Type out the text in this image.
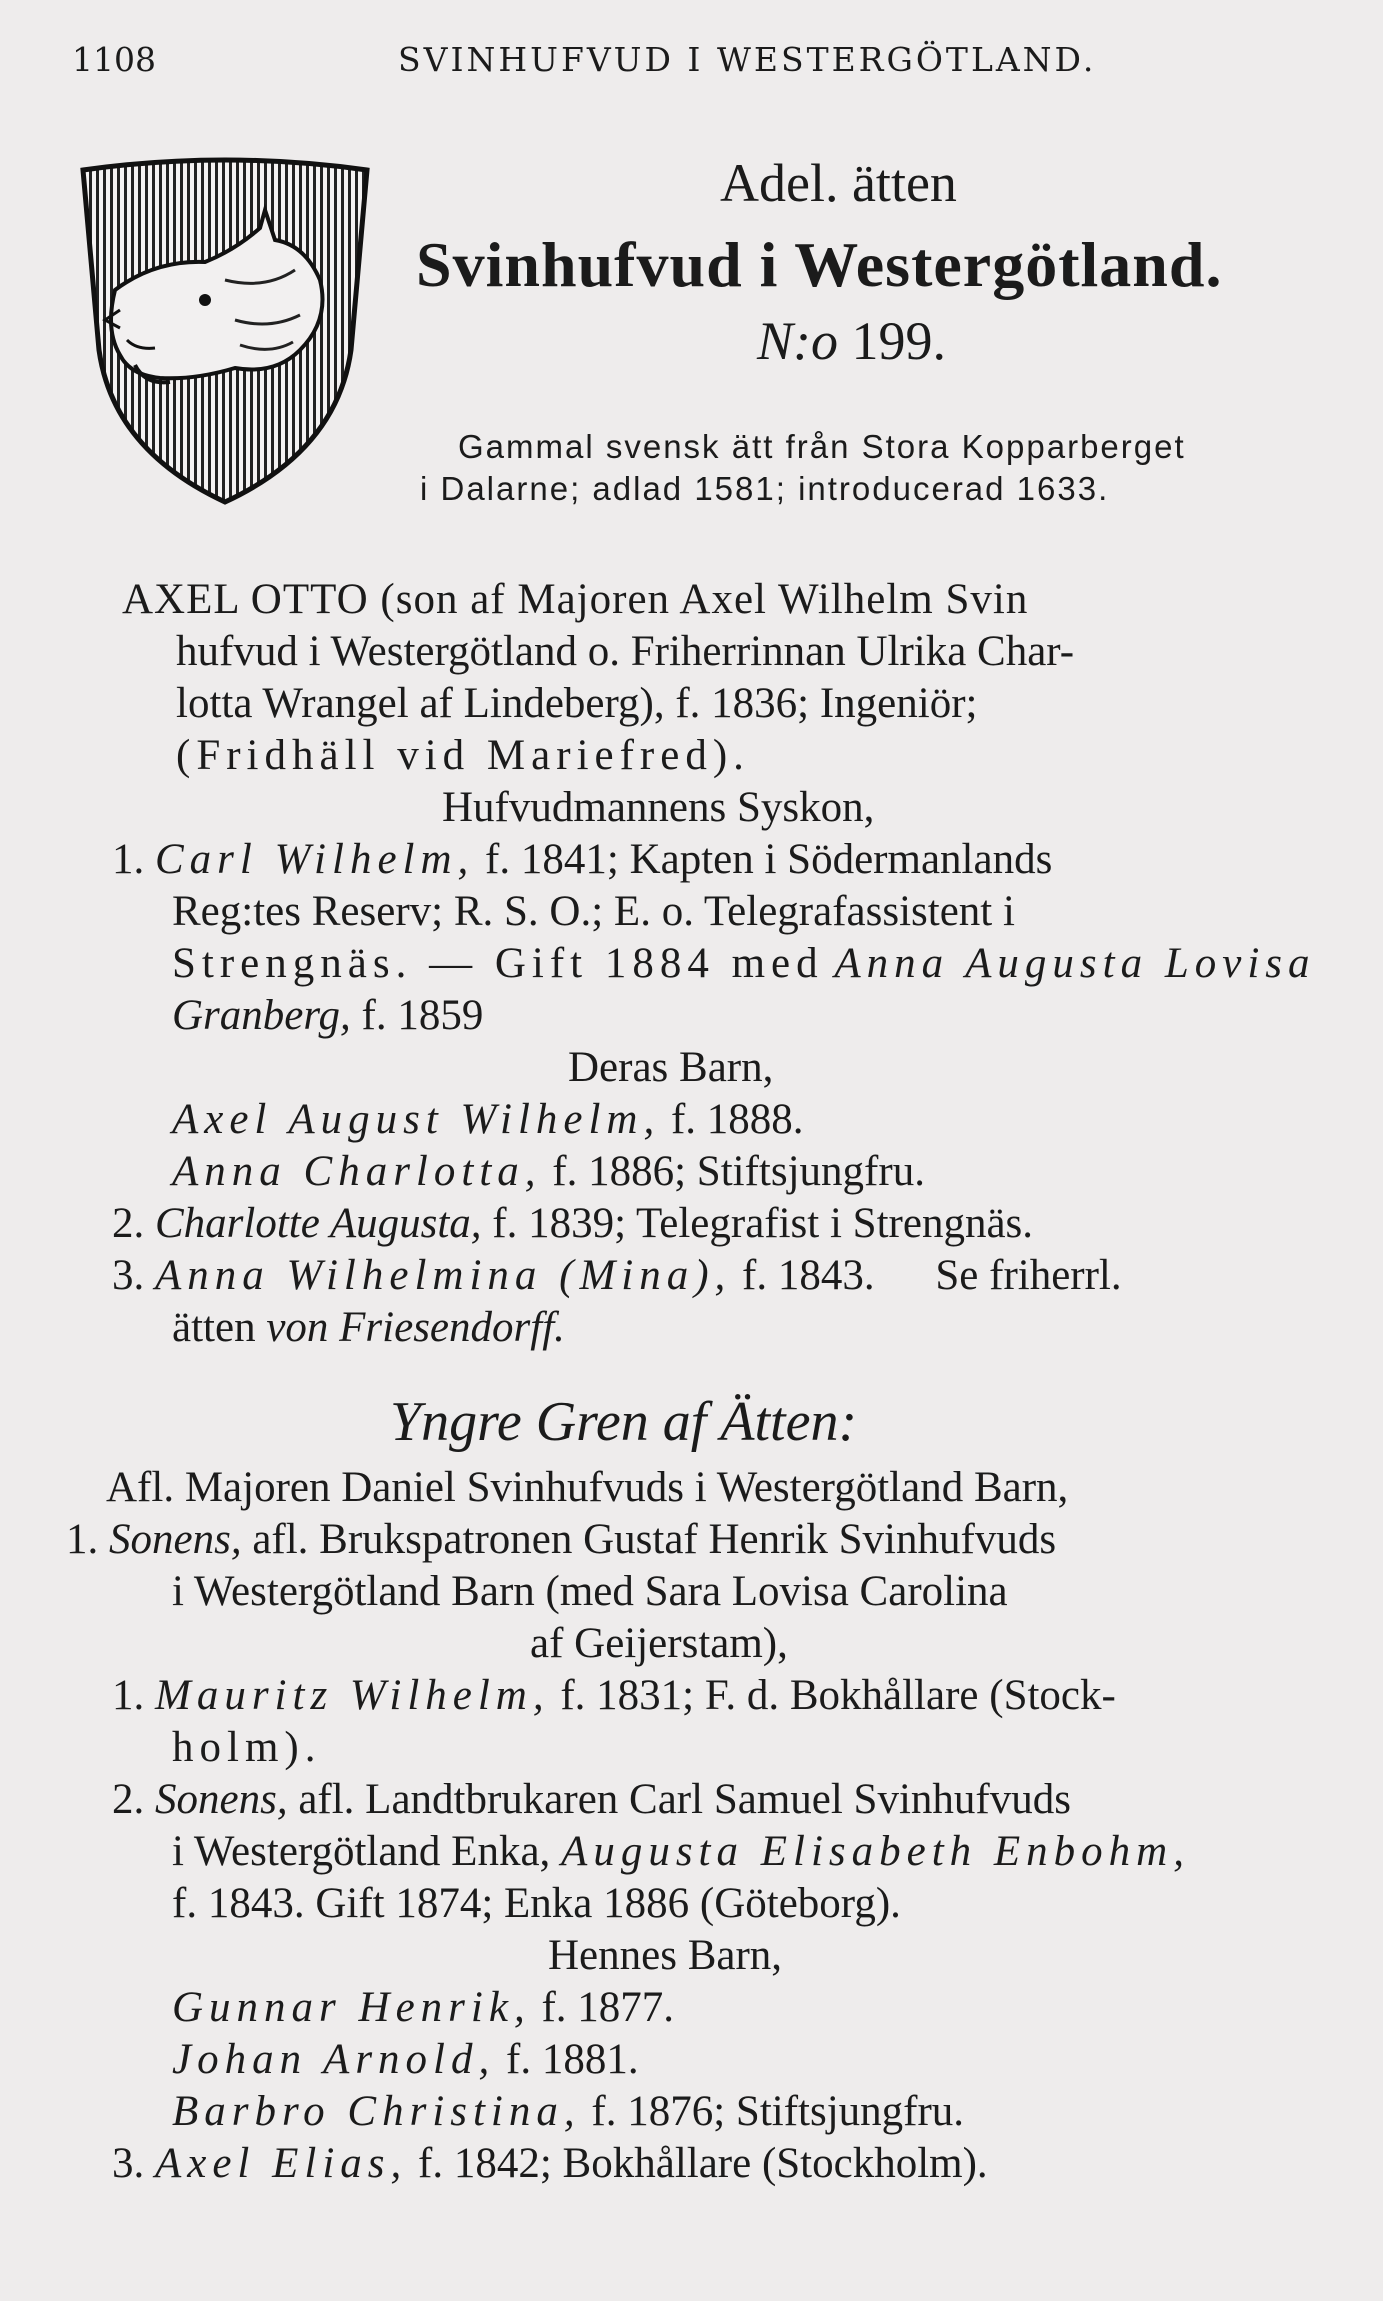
1108	SVINHUFVUD I WESTERGÖTLAND.
Adel. ätten
Svinhufvud i Westergötland.
N:o 199.
Gammal svensk ätt från Stora Kopparberget
i Dalarne; adlad 1581; introducerad 1633.
AXEL OTTO (son af Majoren Axel Wilhelm Svin
hufvud i Westergötland o. Friherrinnan Ulrika Char-
lotta Wrangel af Lindeberg), f. 1836; Ingeniör;
(Fridhäll vid Mariefred).
Hufvudmannens Syskon,
1. Carl Wilhelm, f. 1841; Kapten i Södermanlands
Reg:tes Reserv; R. S. O.; E. o. Telegrafassistent i
Strengnäs. — Gift 1884 med Anna Augusta Lovisa
Granberg, f. 1859
Deras Barn,
Axel August Wilhelm, f. 1888.
Anna Charlotta, f. 1886; Stiftsjungfru.
2. Charlotte Augusta, f. 1839; Telegrafist i Strengnäs.
3. Anna Wilhelmina (Mina), f. 1843. Se friherrl.
ätten von Friesendorff.
Yngre Gren af Ätten:
Afl. Majoren Daniel Svinhufvuds i Westergötland Barn,
1. Sonens, afl. Brukspatronen Gustaf Henrik Svinhufvuds
i Westergötland Barn (med Sara Lovisa Carolina
af Geijerstam),
1. Mauritz Wilhelm, f. 1831; F. d. Bokhållare (Stock-
holm).
2. Sonens, afl. Landtbrukaren Carl Samuel Svinhufvuds
i Westergötland Enka, Augusta Elisabeth Enbohm,
f. 1843. Gift 1874; Enka 1886 (Göteborg).
Hennes Barn,
Gunnar Henrik, f. 1877.
Johan Arnold, f. 1881.
Barbro Christina, f. 1876; Stiftsjungfru.
3. Axel Elias, f. 1842; Bokhållare (Stockholm).
